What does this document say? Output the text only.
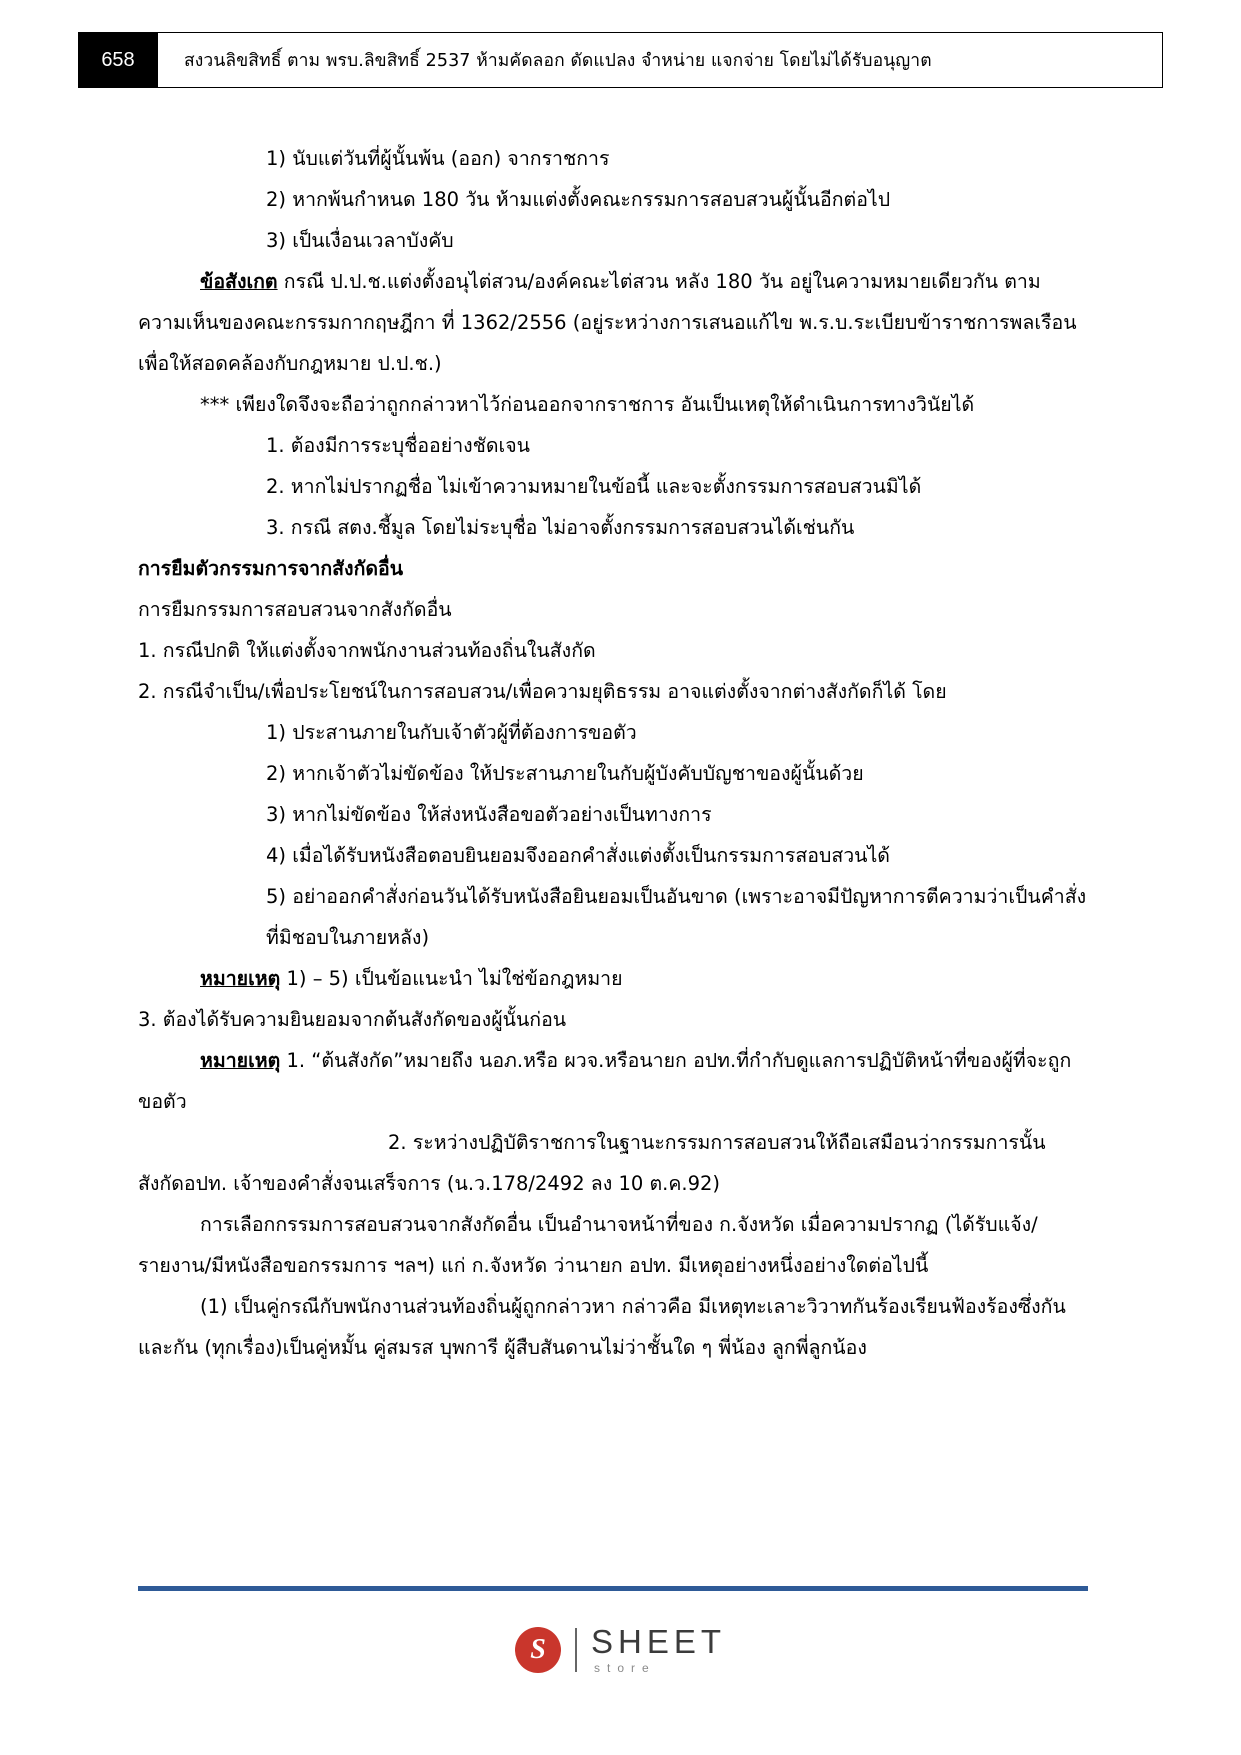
658	สงวนลิขสิทธิ์ ตาม พรบ.ลิขสิทธิ์ 2537 ห้ามคัดลอก ดัดแปลง จำหน่าย แจกจ่าย โดยไม่ได้รับอนุญาต

1) นับแต่วันที่ผู้นั้นพ้น (ออก) จากราชการ

2) หากพ้นกำหนด 180 วัน ห้ามแต่งตั้งคณะกรรมการสอบสวนผู้นั้นอีกต่อไป

3) เป็นเงื่อนเวลาบังคับ

ข้อสังเกต กรณี ป.ป.ช.แต่งตั้งอนุไต่สวน/องค์คณะไต่สวน หลัง 180 วัน อยู่ในความหมายเดียวกัน ตามความเห็นของคณะกรรมกากฤษฎีกา ที่ 1362/2556 (อยู่ระหว่างการเสนอแก้ไข พ.ร.บ.ระเบียบข้าราชการพลเรือนเพื่อให้สอดคล้องกับกฎหมาย ป.ป.ช.)

*** เพียงใดจึงจะถือว่าถูกกล่าวหาไว้ก่อนออกจากราชการ อันเป็นเหตุให้ดำเนินการทางวินัยได้

1. ต้องมีการระบุชื่ออย่างชัดเจน

2. หากไม่ปรากฏชื่อ ไม่เข้าความหมายในข้อนี้ และจะตั้งกรรมการสอบสวนมิได้

3. กรณี สตง.ชี้มูล โดยไม่ระบุชื่อ ไม่อาจตั้งกรรมการสอบสวนได้เช่นกัน

การยืมตัวกรรมการจากสังกัดอื่น

การยืมกรรมการสอบสวนจากสังกัดอื่น

1. กรณีปกติ ให้แต่งตั้งจากพนักงานส่วนท้องถิ่นในสังกัด

2. กรณีจำเป็น/เพื่อประโยชน์ในการสอบสวน/เพื่อความยุติธรรม อาจแต่งตั้งจากต่างสังกัดก็ได้ โดย

1) ประสานภายในกับเจ้าตัวผู้ที่ต้องการขอตัว

2) หากเจ้าตัวไม่ขัดข้อง ให้ประสานภายในกับผู้บังคับบัญชาของผู้นั้นด้วย

3) หากไม่ขัดข้อง ให้ส่งหนังสือขอตัวอย่างเป็นทางการ

4) เมื่อได้รับหนังสือตอบยินยอมจึงออกคำสั่งแต่งตั้งเป็นกรรมการสอบสวนได้

5) อย่าออกคำสั่งก่อนวันได้รับหนังสือยินยอมเป็นอันขาด (เพราะอาจมีปัญหาการตีความว่าเป็นคำสั่งที่มิชอบในภายหลัง)

หมายเหตุ 1) – 5) เป็นข้อแนะนำ ไม่ใช่ข้อกฎหมาย

3. ต้องได้รับความยินยอมจากต้นสังกัดของผู้นั้นก่อน

หมายเหตุ 1. “ต้นสังกัด”หมายถึง นอภ.หรือ ผวจ.หรือนายก อปท.ที่กำกับดูแลการปฏิบัติหน้าที่ของผู้ที่จะถูกขอตัว

2. ระหว่างปฏิบัติราชการในฐานะกรรมการสอบสวนให้ถือเสมือนว่ากรรมการนั้นสังกัดอปท. เจ้าของคำสั่งจนเสร็จการ (น.ว.178/2492 ลง 10 ต.ค.92)

การเลือกกรรมการสอบสวนจากสังกัดอื่น เป็นอำนาจหน้าที่ของ ก.จังหวัด เมื่อความปรากฏ (ได้รับแจ้ง/รายงาน/มีหนังสือขอกรรมการ ฯลฯ) แก่ ก.จังหวัด ว่านายก อปท. มีเหตุอย่างหนึ่งอย่างใดต่อไปนี้

(1) เป็นคู่กรณีกับพนักงานส่วนท้องถิ่นผู้ถูกกล่าวหา กล่าวคือ มีเหตุทะเลาะวิวาทกันร้องเรียนฟ้องร้องซึ่งกันและกัน (ทุกเรื่อง)เป็นคู่หมั้น คู่สมรส บุพการี ผู้สืบสันดานไม่ว่าชั้นใด ๆ พี่น้อง ลูกพี่ลูกน้อง

S	SHEET
store
